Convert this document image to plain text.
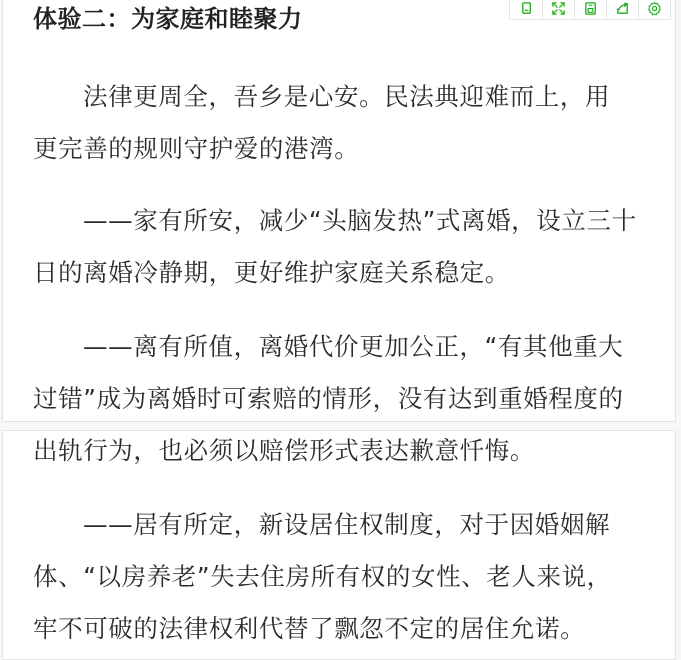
体验二：为家庭和睦聚力
法律更周全，吾乡是心安。民法典迎难而上，用
更完善的规则守护爱的港湾。
——家有所安，减少“头脑发热”式离婚，设立三十
日的离婚冷静期，更好维护家庭关系稳定。
——离有所值，离婚代价更加公正，“有其他重大
过错”成为离婚时可索赔的情形，没有达到重婚程度的
出轨行为，也必须以赔偿形式表达歉意忏悔。
——居有所定，新设居住权制度，对于因婚姻解
体、“以房养老”失去住房所有权的女性、老人来说，
牢不可破的法律权利代替了飘忽不定的居住允诺。
